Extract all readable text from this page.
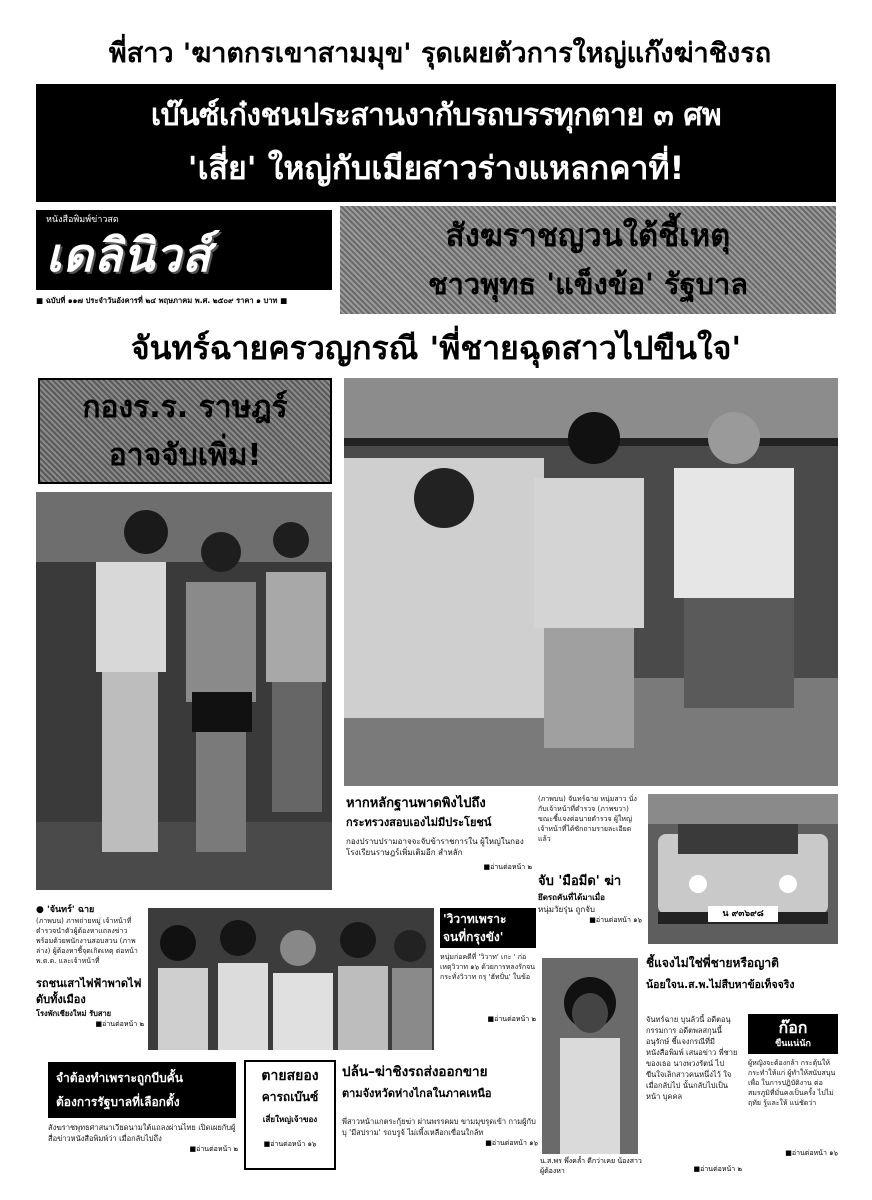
พี่สาว 'ฆาตกรเขาสามมุข' รุดเผยตัวการใหญ่แก๊งฆ่าชิงรถ
เบ๊นซ์เก๋งชนประสานงากับรถบรรทุกตาย ๓ ศพ
'เสี่ย' ใหญ่กับเมียสาวร่างแหลกคาที่!
หนังสือพิมพ์ข่าวสด
เดลินิวส์
■ ฉบับที่ ๑๑๗ ประจำวันอังคารที่ ๒๔ พฤษภาคม พ.ศ. ๒๕๐๙ ราคา ๑ บาท ■
สังฆราชญวนใต้ชี้เหตุ
ชาวพุทธ 'แข็งข้อ' รัฐบาล
จันทร์ฉายครวญกรณี 'พี่ชายฉุดสาวไปขืนใจ'
กองร.ร. ราษฎร์
อาจจับเพิ่ม!
หากหลักฐานพาดพิงไปถึง
กระทรวงสอบเองไม่มีประโยชน์
กองปราบปรามอาจจะจับข้าราชการใน ผู้ใหญ่ในกองโรงเรียนราษฎร์เพิ่มเติมอีก สำหลัก
■ อ่านต่อหน้า ๒
(ภาพบน) จันทร์ฉาย หนุ่มสาว นั่งกับเจ้าหน้าที่ตำรวจ (ภาพขวา) ขณะชี้แจงต่อนายตำรวจ ผู้ใหญ่ เจ้าหน้าที่ได้ซักถามรายละเอียดแล้ว
จับ 'มือมีด' ฆ่า
ยึดรถคันที่ได้มาเมื่อ
หนุ่มวัยรุ่น ถูกจับ
■ อ่านต่อหน้า ๑๖
น ๙๓๖๙๘
● 'จันทร์' ฉาย
(ภาพบน) ภาพถ่ายหมู่ เจ้าหน้าที่ตำรวจนำตัวผู้ต้องหาแถลงข่าว พร้อมด้วยพนักงานสอบสวน (ภาพล่าง) ผู้ต้องหาชี้จุดเกิดเหตุ ต่อหน้าพ.ต.ต. และเจ้าหน้าที่
รถชนเสาไฟฟ้าพาดไฟดับทั้งเมือง
โรงพักเชียงใหม่ รับสาย
■ อ่านต่อหน้า ๒
'วิวาทเพราะ
จนที่กรุงขัง'
หนุ่มก่อคดีที่ 'วิวาท' เกะ ' ก่อเหตุวิวาท ๑๖ ด้วยการหลงรักจนกระทั่งวิวาท กรุ 'ฮัทปั่น' ในข้อ
■ อ่านต่อหน้า ๒
น.ส.พร พึ่งคล้ำ ดีกว่าเคย น้องสาวผู้ต้องหา
ชี้แจงไม่ใช่พี่ชายหรือญาติ
น้อยใจน.ส.พ.ไม่สืบหาข้อเท็จจริง
จันทร์ฉาย บุนล้วนี้ อดีตอนุ กรรมการ อดีตพลสกุนนี้ อนุรักษ์ ชี้แจงกรณีที่มีหนังสือพิมพ์ เสนอข่าว พี่ชายของเธอ นางพวงรัตน์ ไปขืนใจเลิกสาวคนหนึ่งไว้ ใจ เมื่อกลับไป นั้นกลับไปเป็นหน้า บุคคล
■ อ่านต่อหน้า ๒
ก๊อก
ขืนแน่นัก
ผู้หญิงจะต้องกล้า กระตุ้นให้กระทำให้แก่ ผู้ทำให้สนับสนุนเพื่อ ในการปฏิบัติงาน ต่อ สมรภูมิที่มั่นคงเป็นครั้ง ไปไม่ ฤทัย รู้และให้ แน่ชัดว่า
■ อ่านต่อหน้า ๑๖
จำต้องทำเพราะถูกบีบคั้น
ต้องการรัฐบาลที่เลือกตั้ง
สังฆราชพุทธศาสนาเวียดนามใต้แถลงผ่านไทย เปิดเผยกับผู้สื่อข่าวหนังสือพิมพ์ว่า เมื่อกลับไปถึง
■ อ่านต่อหน้า ๒
ตายสยอง
คารถเบ๊นซ์
เสี่ยใหญ่เจ้าของ
■ อ่านต่อหน้า ๑๖
ปล้น–ฆ่าชิงรถส่งออกขาย
ตามจังหวัดห่างไกลในภาคเหนือ
พี่สาวหน้าแกตระกุ้ยฆ่า ผ่านพรรคผบ ขามมุขรุดเข้า กามผู้กับบุ 'มีสปราม' รถบรูจ้ ไม่เพี้งเหลือกเขื่อนใกล้ท
■ อ่านต่อหน้า ๑๖
